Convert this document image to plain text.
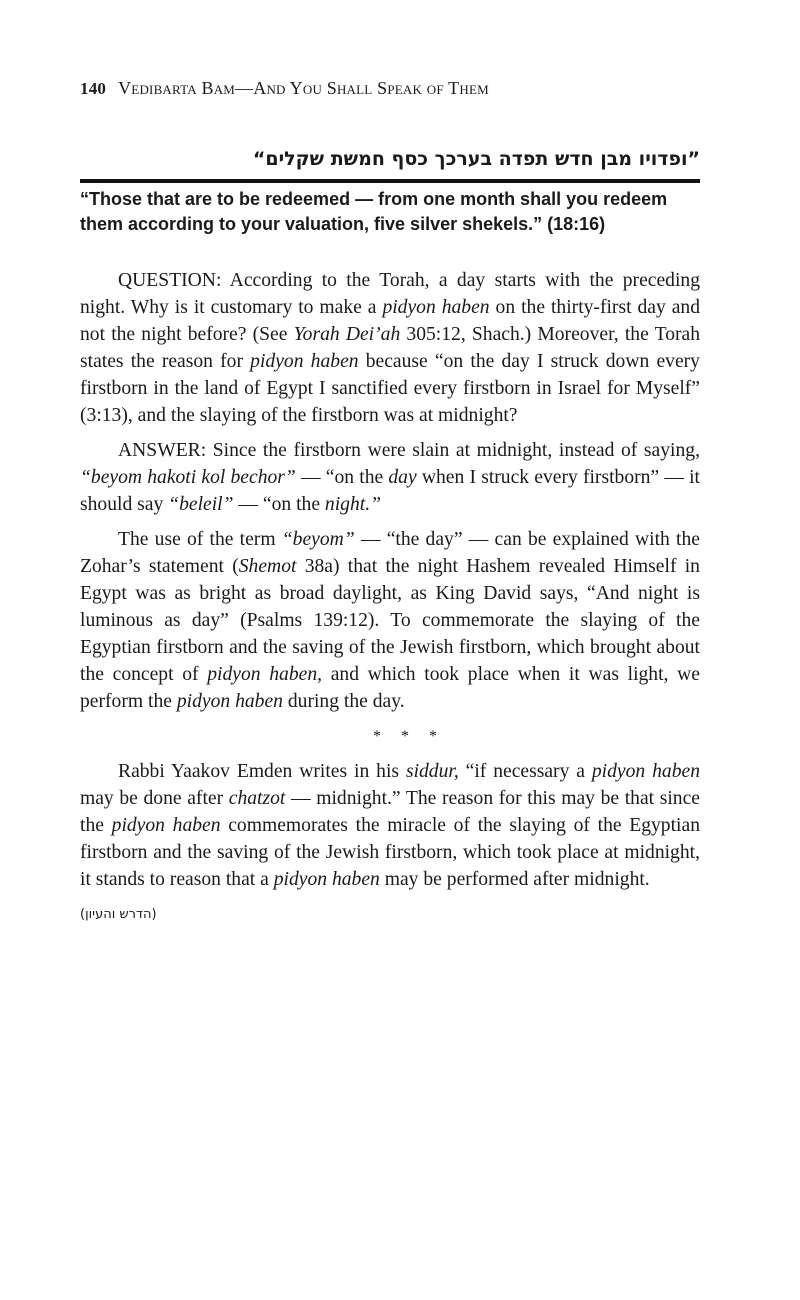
140 Vedibarta Bam—And You Shall Speak of Them
”ופדויו מבן חדש תפדה בערכך כסף חמשת שקלים“
“Those that are to be redeemed — from one month shall you redeem them according to your valuation, five silver shekels.” (18:16)

QUESTION: According to the Torah, a day starts with the preceding night. Why is it customary to make a pidyon haben on the thirty-first day and not the night before? (See Yorah Dei’ah 305:12, Shach.) Moreover, the Torah states the reason for pidyon haben because “on the day I struck down every firstborn in the land of Egypt I sanctified every firstborn in Israel for Myself” (3:13), and the slaying of the firstborn was at midnight?

ANSWER: Since the firstborn were slain at midnight, instead of saying, “beyom hakoti kol bechor” — “on the day when I struck every firstborn” — it should say “beleil” — “on the night.”

The use of the term “beyom” — “the day” — can be explained with the Zohar’s statement (Shemot 38a) that the night Hashem revealed Himself in Egypt was as bright as broad daylight, as King David says, “And night is luminous as day” (Psalms 139:12). To commemorate the slaying of the Egyptian firstborn and the saving of the Jewish firstborn, which brought about the concept of pidyon haben, and which took place when it was light, we perform the pidyon haben during the day.

* * *

Rabbi Yaakov Emden writes in his siddur, “if necessary a pidyon haben may be done after chatzot — midnight.” The reason for this may be that since the pidyon haben commemorates the miracle of the slaying of the Egyptian firstborn and the saving of the Jewish firstborn, which took place at midnight, it stands to reason that a pidyon haben may be performed after midnight.

(הדרש והעיון)
